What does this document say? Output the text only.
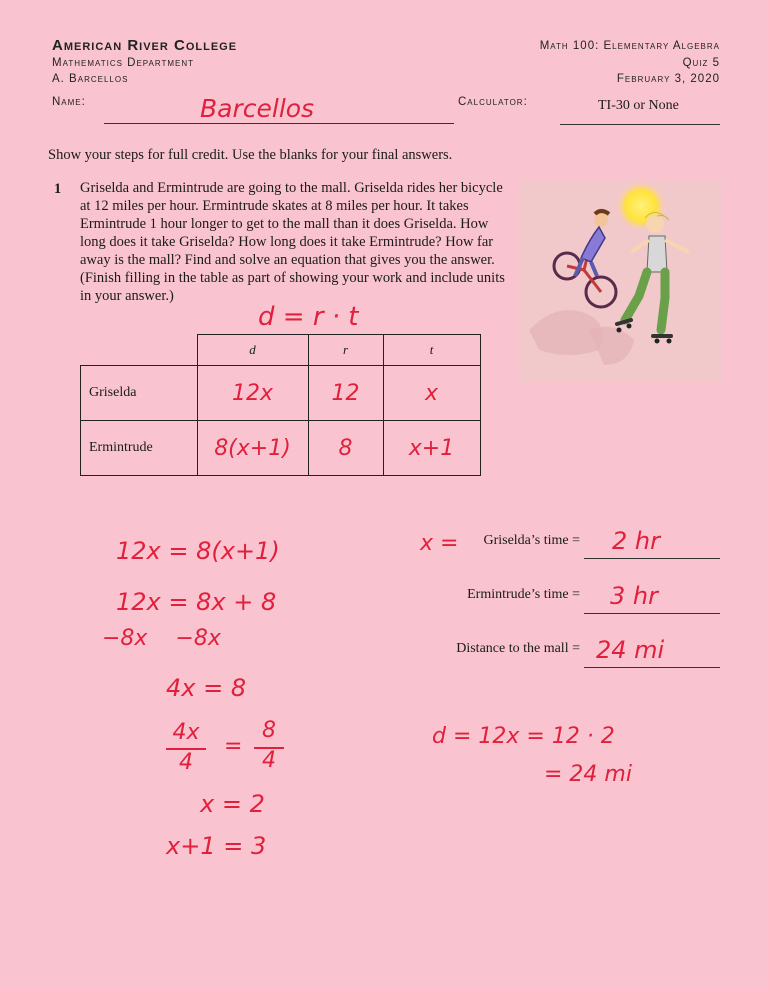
American River College
Mathematics Department
A. Barcellos
Math 100: Elementary Algebra
Quiz 5
February 3, 2020
Name:	Barcellos	Calculator:	TI-30 or None
Show your steps for full credit. Use the blanks for your final answers.
1 Griselda and Ermintrude are going to the mall. Griselda rides her bicycle at 12 miles per hour. Ermintrude skates at 8 miles per hour. It takes Ermintrude 1 hour longer to get to the mall than it does Griselda. How long does it take Griselda? How long does it take Ermintrude? How far away is the mall? Find and solve an equation that gives you the answer. (Finish filling in the table as part of showing your work and include units in your answer.)
d = r · t
	d	r	t
Griselda	12x	12	x
Ermintrude	8(x+1)	8	x+1
12x = 8(x+1)
12x = 8x + 8
−8x    −8x
4x = 8
4x
4
=
8
4
x = 2
x+1 = 3
x =	Griselda’s time = 2 hr
Ermintrude’s time = 3 hr
Distance to the mall = 24 mi
d = 12x = 12 · 2
= 24 mi
